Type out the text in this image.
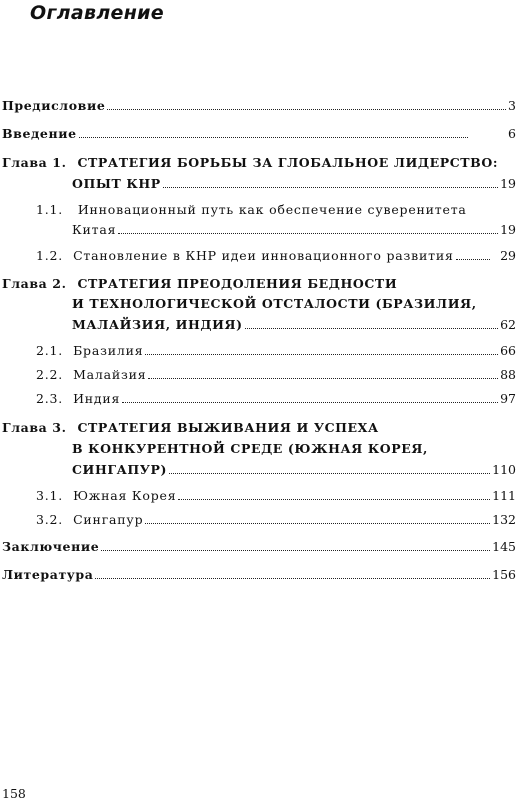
Оглавление
Предисловие	3
Введение	6
Глава 1. СТРАТЕГИЯ БОРЬБЫ ЗА ГЛОБАЛЬНОЕ ЛИДЕРСТВО:
ОПЫТ КНР	19
1.1. Инновационный путь как обеспечение суверенитета
Китая	19
1.2. Становление в КНР идеи инновационного развития	29
Глава 2. СТРАТЕГИЯ ПРЕОДОЛЕНИЯ БЕДНОСТИ
И ТЕХНОЛОГИЧЕСКОЙ ОТСТАЛОСТИ (БРАЗИЛИЯ,
МАЛАЙЗИЯ, ИНДИЯ)	62
2.1. Бразилия	66
2.2. Малайзия	88
2.3. Индия	97
Глава 3. СТРАТЕГИЯ ВЫЖИВАНИЯ И УСПЕХА
В КОНКУРЕНТНОЙ СРЕДЕ (ЮЖНАЯ КОРЕЯ,
СИНГАПУР)	110
3.1. Южная Корея	111
3.2. Сингапур	132
Заключение	145
Литература	156
158
